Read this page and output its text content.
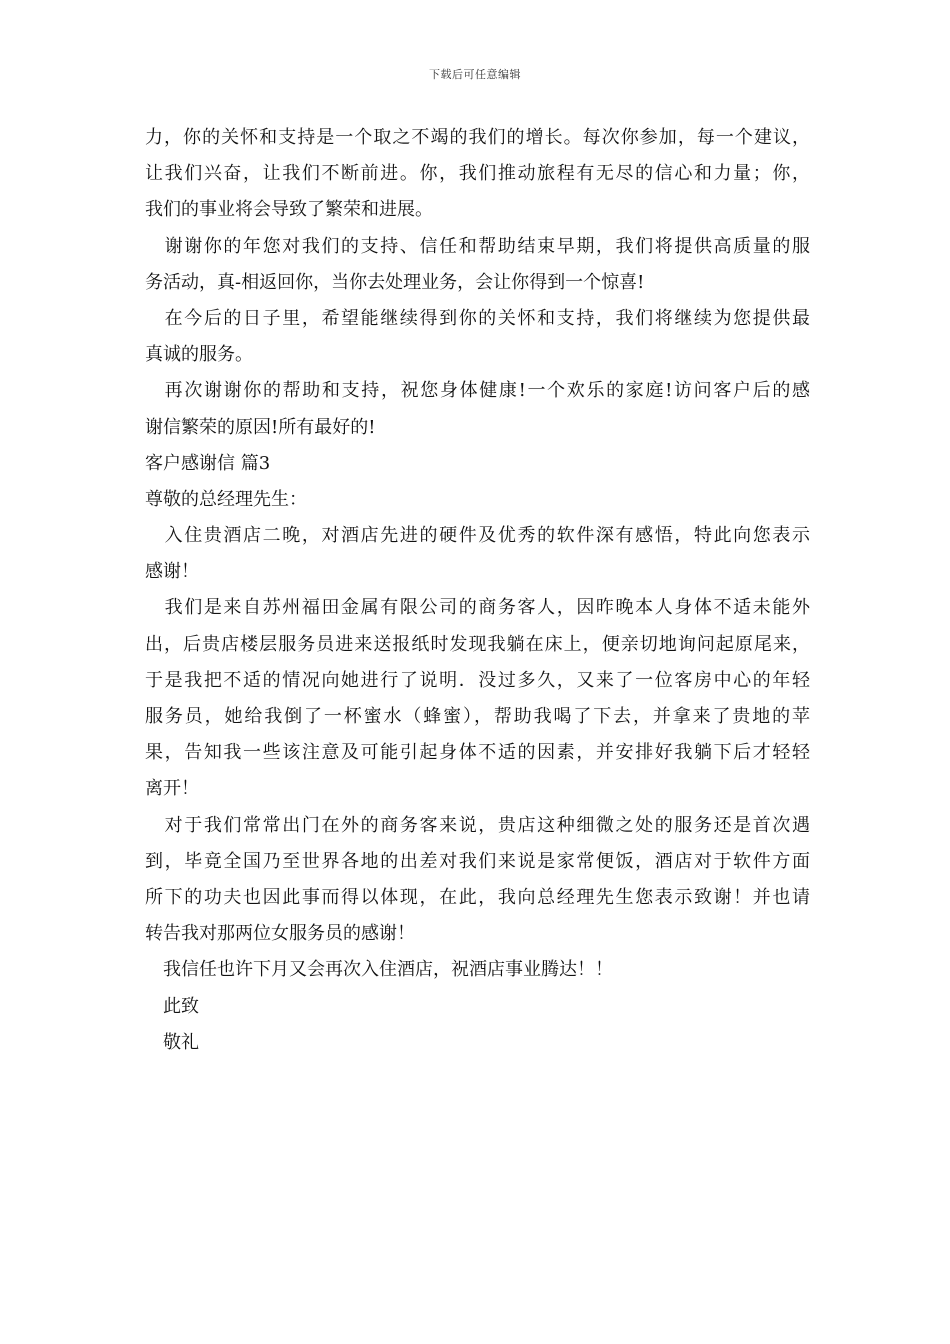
下载后可任意编辑
力，你的关怀和支持是一个取之不竭的我们的增长。每次你参加，每一个建议，
让我们兴奋，让我们不断前进。你，我们推动旅程有无尽的信心和力量；你，
我们的事业将会导致了繁荣和进展。
　谢谢你的年您对我们的支持、信任和帮助结束早期，我们将提供高质量的服
务活动，真-相返回你，当你去处理业务，会让你得到一个惊喜!
　在今后的日子里，希望能继续得到你的关怀和支持，我们将继续为您提供最
真诚的服务。
　再次谢谢你的帮助和支持，祝您身体健康!一个欢乐的家庭!访问客户后的感
谢信繁荣的原因!所有最好的!
客户感谢信 篇3
尊敬的总经理先生：
　入住贵酒店二晚，对酒店先进的硬件及优秀的软件深有感悟，特此向您表示
感谢！
　我们是来自苏州福田金属有限公司的商务客人，因昨晚本人身体不适未能外
出，后贵店楼层服务员进来送报纸时发现我躺在床上，便亲切地询问起原尾来，
于是我把不适的情况向她进行了说明．没过多久，又来了一位客房中心的年轻
服务员，她给我倒了一杯蜜水（蜂蜜），帮助我喝了下去，并拿来了贵地的苹
果，告知我一些该注意及可能引起身体不适的因素，并安排好我躺下后才轻轻
离开！
　对于我们常常出门在外的商务客来说，贵店这种细微之处的服务还是首次遇
到，毕竟全国乃至世界各地的出差对我们来说是家常便饭，酒店对于软件方面
所下的功夫也因此事而得以体现，在此，我向总经理先生您表示致谢！并也请
转告我对那两位女服务员的感谢！
　我信任也许下月又会再次入住酒店，祝酒店事业腾达！！
　此致
　敬礼
